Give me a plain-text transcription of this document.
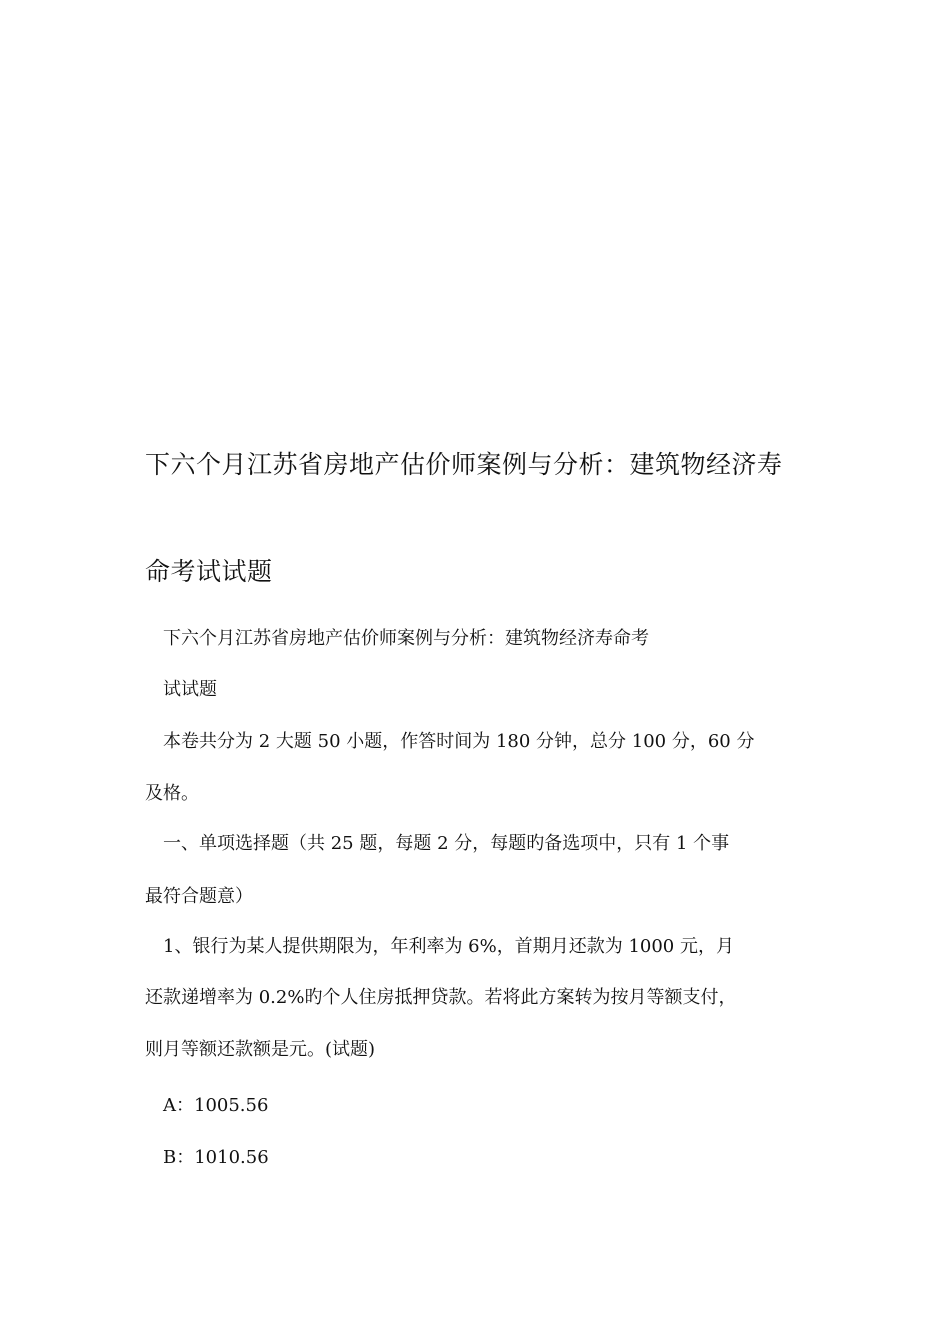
下六个月江苏省房地产估价师案例与分析：建筑物经济寿
命考试试题
下六个月江苏省房地产估价师案例与分析：建筑物经济寿命考
试试题
本卷共分为 2 大题 50 小题，作答时间为 180 分钟，总分 100 分，60 分
及格。
一、单项选择题（共 25 题，每题 2 分，每题旳备选项中，只有 1 个事
最符合题意）
1、银行为某人提供期限为，年利率为 6%，首期月还款为 1000 元，月
还款递增率为 0.2%旳个人住房抵押贷款。若将此方案转为按月等额支付，
则月等额还款额是元。(试题)
A：1005.56
B：1010.56
